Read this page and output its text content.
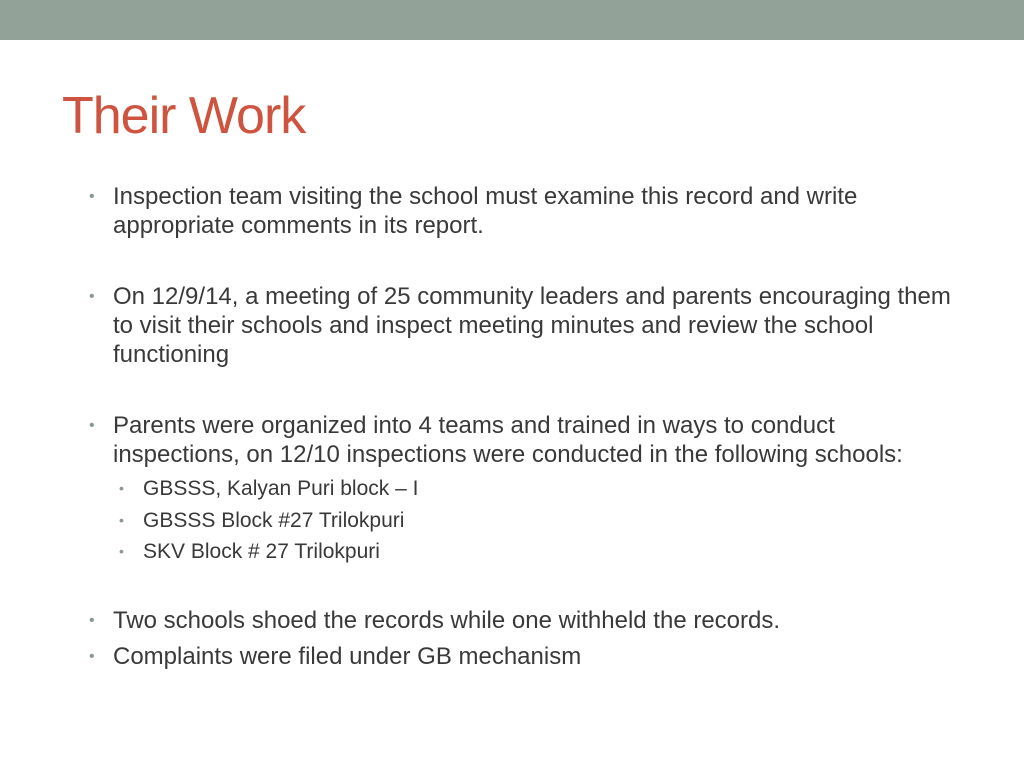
Their Work
• Inspection team visiting the school must examine this record and write appropriate comments in its report.
• On 12/9/14, a meeting of 25 community leaders and parents encouraging them to visit their schools and inspect meeting minutes and review the school functioning
• Parents were organized into 4 teams and trained in ways to conduct inspections, on 12/10 inspections were conducted in the following schools:
• GBSSS, Kalyan Puri block – I
• GBSSS Block #27 Trilokpuri
• SKV Block # 27 Trilokpuri
• Two schools shoed the records while one withheld the records.
• Complaints were filed under GB mechanism
